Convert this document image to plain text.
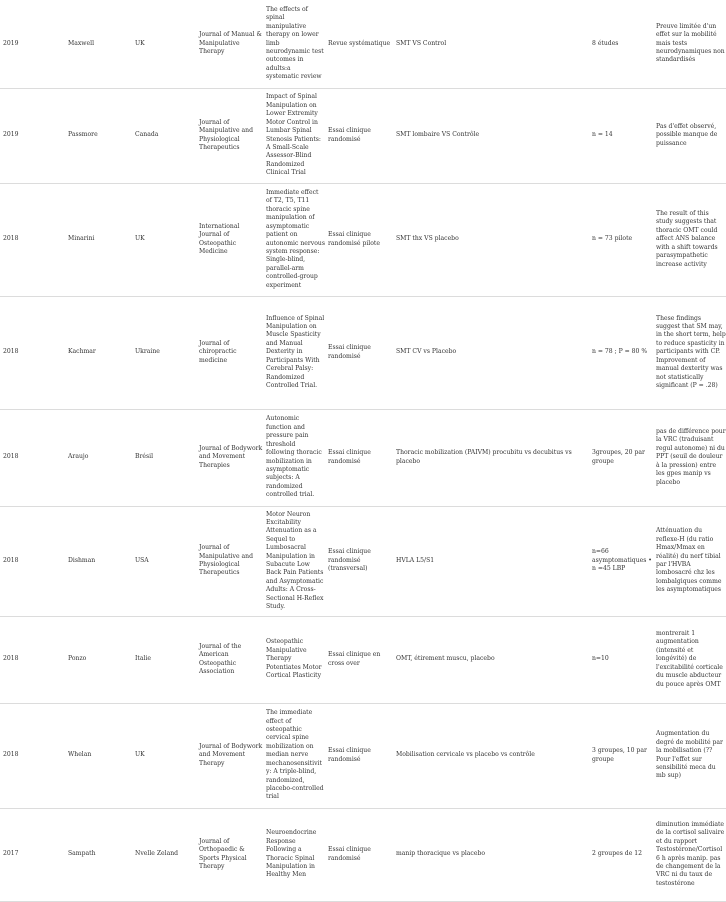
2019	Maxwell	UK	Journal of Manual & Manipulative Therapy	The effects of spinal manipulative therapy on lower limb neurodynamic test outcomes in adults:a systematic review	Revue systématique	SMT VS Control	8 études	Preuve limitée d'un effet sur la mobilité mais tests neurodynamiques non standardisés
2019	Passmore	Canada	Journal of Manipulative and Physiological Therapeutics	Impact of Spinal Manipulation on Lower Extremity Motor Control in Lumbar Spinal Stenosis Patients: A Small-Scale Assessor-Blind Randomized Clinical Trial	Essai clinique randomisé	SMT lombaire VS Contrôle	n = 14	Pas d'effet observé, possible manque de puissance
2018	Minarini	UK	International Journal of Osteopathic Medicine	Immediate effect of T2, T5, T11 thoracic spine manipulation of asymptomatic patient on autonomic nervous system response: Single-blind, parallel-arm controlled-group experiment	Essai clinique randomisé pilote	SMT thx VS placebo	n = 73 pilote	The result of this study suggests that thoracic OMT could affect ANS balance with a shift towards parasympathetic increase activity
2018	Kachmar	Ukraine	Journal of chiropractic medicine	Influence of Spinal Manipulation on Muscle Spasticity and Manual Dexterity in Participants With Cerebral Palsy: Randomized Controlled Trial.	Essai clinique randomisé	SMT CV vs Placebo	n = 78 ; P = 80 %	These findings suggest that SM may, in the short term, help to reduce spasticity in participants with CP. Improvement of manual dexterity was not statistically significant (P = .28)
2018	Araujo	Brésil	Journal of Bodywork and Movement Therapies	Autonomic function and pressure pain threshold following thoracic mobilization in asymptomatic subjects: A randomized controlled trial.	Essai clinique randomisé	Thoracic mobilization (PAIVM) procubitu vs decubitus vs placebo	3groupes, 20 par groupe	pas de différence pour la VRC (traduisant regul autonome) ni du PPT (seuil de douleur à la pression) entre les gpes manip vs placebo
2018	Dishman	USA	Journal of Manipulative and Physiological Therapeutics	Motor Neuron Excitability Attenuation as a Sequel to Lumbosacral Manipulation in Subacute Low Back Pain Patients and Asymptomatic Adults: A Cross-Sectional H-Reflex Study.	Essai clinique randomisé (transversal)	HVLA L5/S1	n=66 asymptomatiques • n =45 LBP	Atténuation du reflexe-H (du ratio Hmax/Mmax en réalité) du nerf tibial par l'HVBA lombosacré chz les lombalgiques comme les asymptomatiques
2018	Ponzo	Italie	Journal of the American Osteopathic Association	Osteopathic Manipulative Therapy Potentiates Motor Cortical Plasticity	Essai clinique en cross over	OMT, étirement muscu, placebo	n=10	montrerait 1 augmentation (intensité et longévité) de l'excitabilité corticale du muscle abducteur du pouce après OMT
2018	Whelan	UK	Journal of Bodywork and Movement Therapy	The immediate effect of osteopathic cervical spine mobilization on median nerve mechanosensitivity: A triple-blind, randomized, placebo-controlled trial	Essai clinique randomisé	Mobilisation cervicale vs placebo vs contrôle	3 groupes, 10 par groupe	Augmentation du degré de mobilité par la mobilisation (?? Pour l'effet sur sensibilité meca du mb sup)
2017	Sampath	Nvelle Zeland	Journal of Orthopaedic & Sports Physical Therapy	Neuroendocrine Response Following a Thoracic Spinal Manipulation in Healthy Men	Essai clinique randomisé	manip thoracique vs placebo	2 groupes de 12	diminution immédiate de la cortisol salivaire et du rapport Testostérone/Cortisol 6 h après manip. pas de changement de la VRC ni du taux de testostérone
